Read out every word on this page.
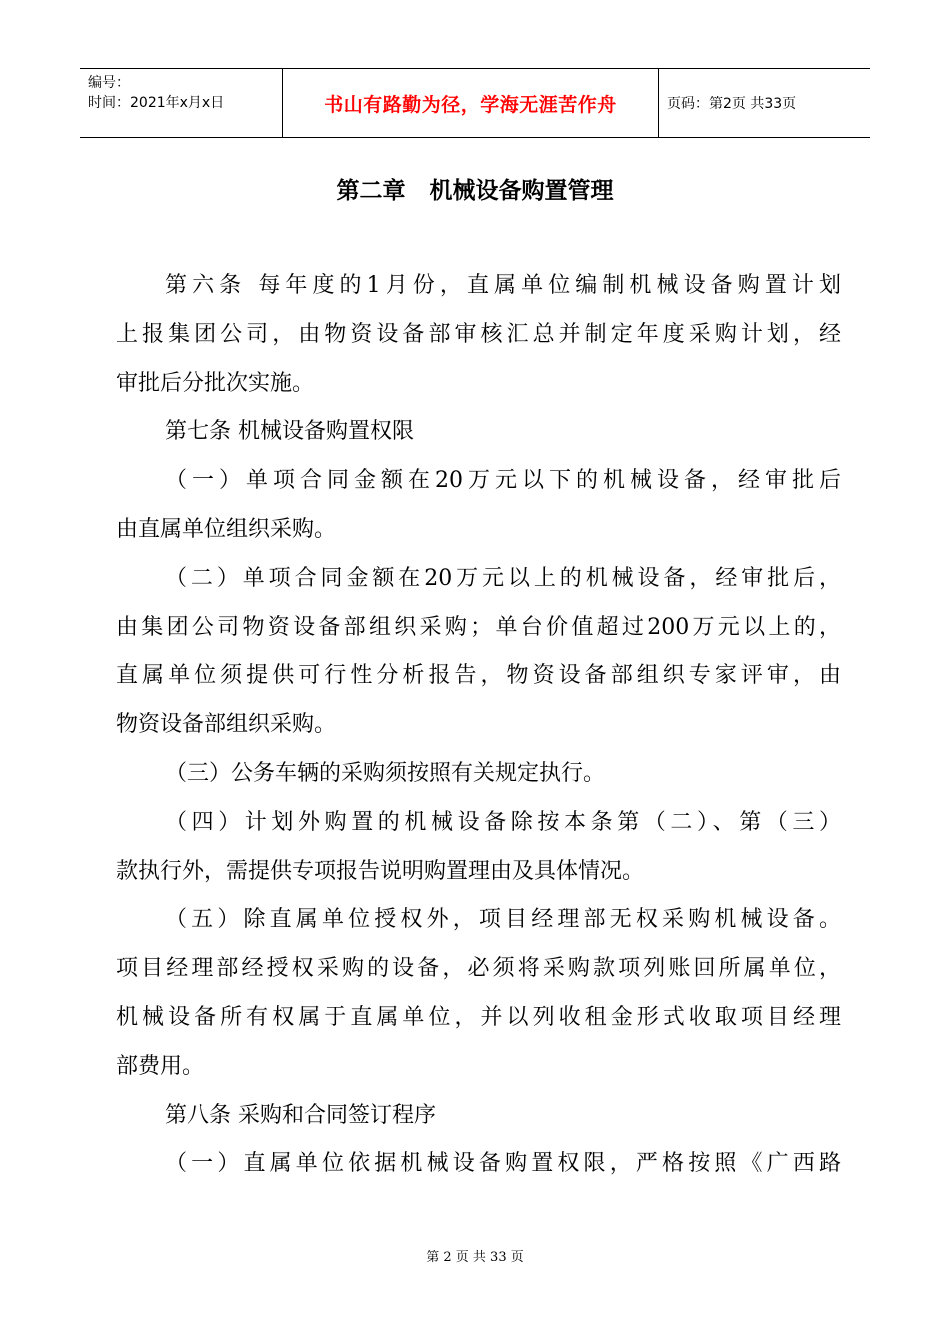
编号：
时间：2021年x月x日	书山有路勤为径，学海无涯苦作舟	页码：第2页 共33页
第二章   机械设备购置管理
第六条 每年度的1月份，直属单位编制机械设备购置计划
上报集团公司，由物资设备部审核汇总并制定年度采购计划，经
审批后分批次实施。
第七条 机械设备购置权限
（一）单项合同金额在20万元以下的机械设备，经审批后
由直属单位组织采购。
（二）单项合同金额在20万元以上的机械设备，经审批后，
由集团公司物资设备部组织采购；单台价值超过200万元以上的，
直属单位须提供可行性分析报告，物资设备部组织专家评审，由
物资设备部组织采购。
（三）公务车辆的采购须按照有关规定执行。
（四）计划外购置的机械设备除按本条第（二）、第（三）
款执行外，需提供专项报告说明购置理由及具体情况。
（五）除直属单位授权外，项目经理部无权采购机械设备。
项目经理部经授权采购的设备，必须将采购款项列账回所属单位，
机械设备所有权属于直属单位，并以列收租金形式收取项目经理
部费用。
第八条 采购和合同签订程序
（一）直属单位依据机械设备购置权限，严格按照《广西路
第 2 页 共 33 页
